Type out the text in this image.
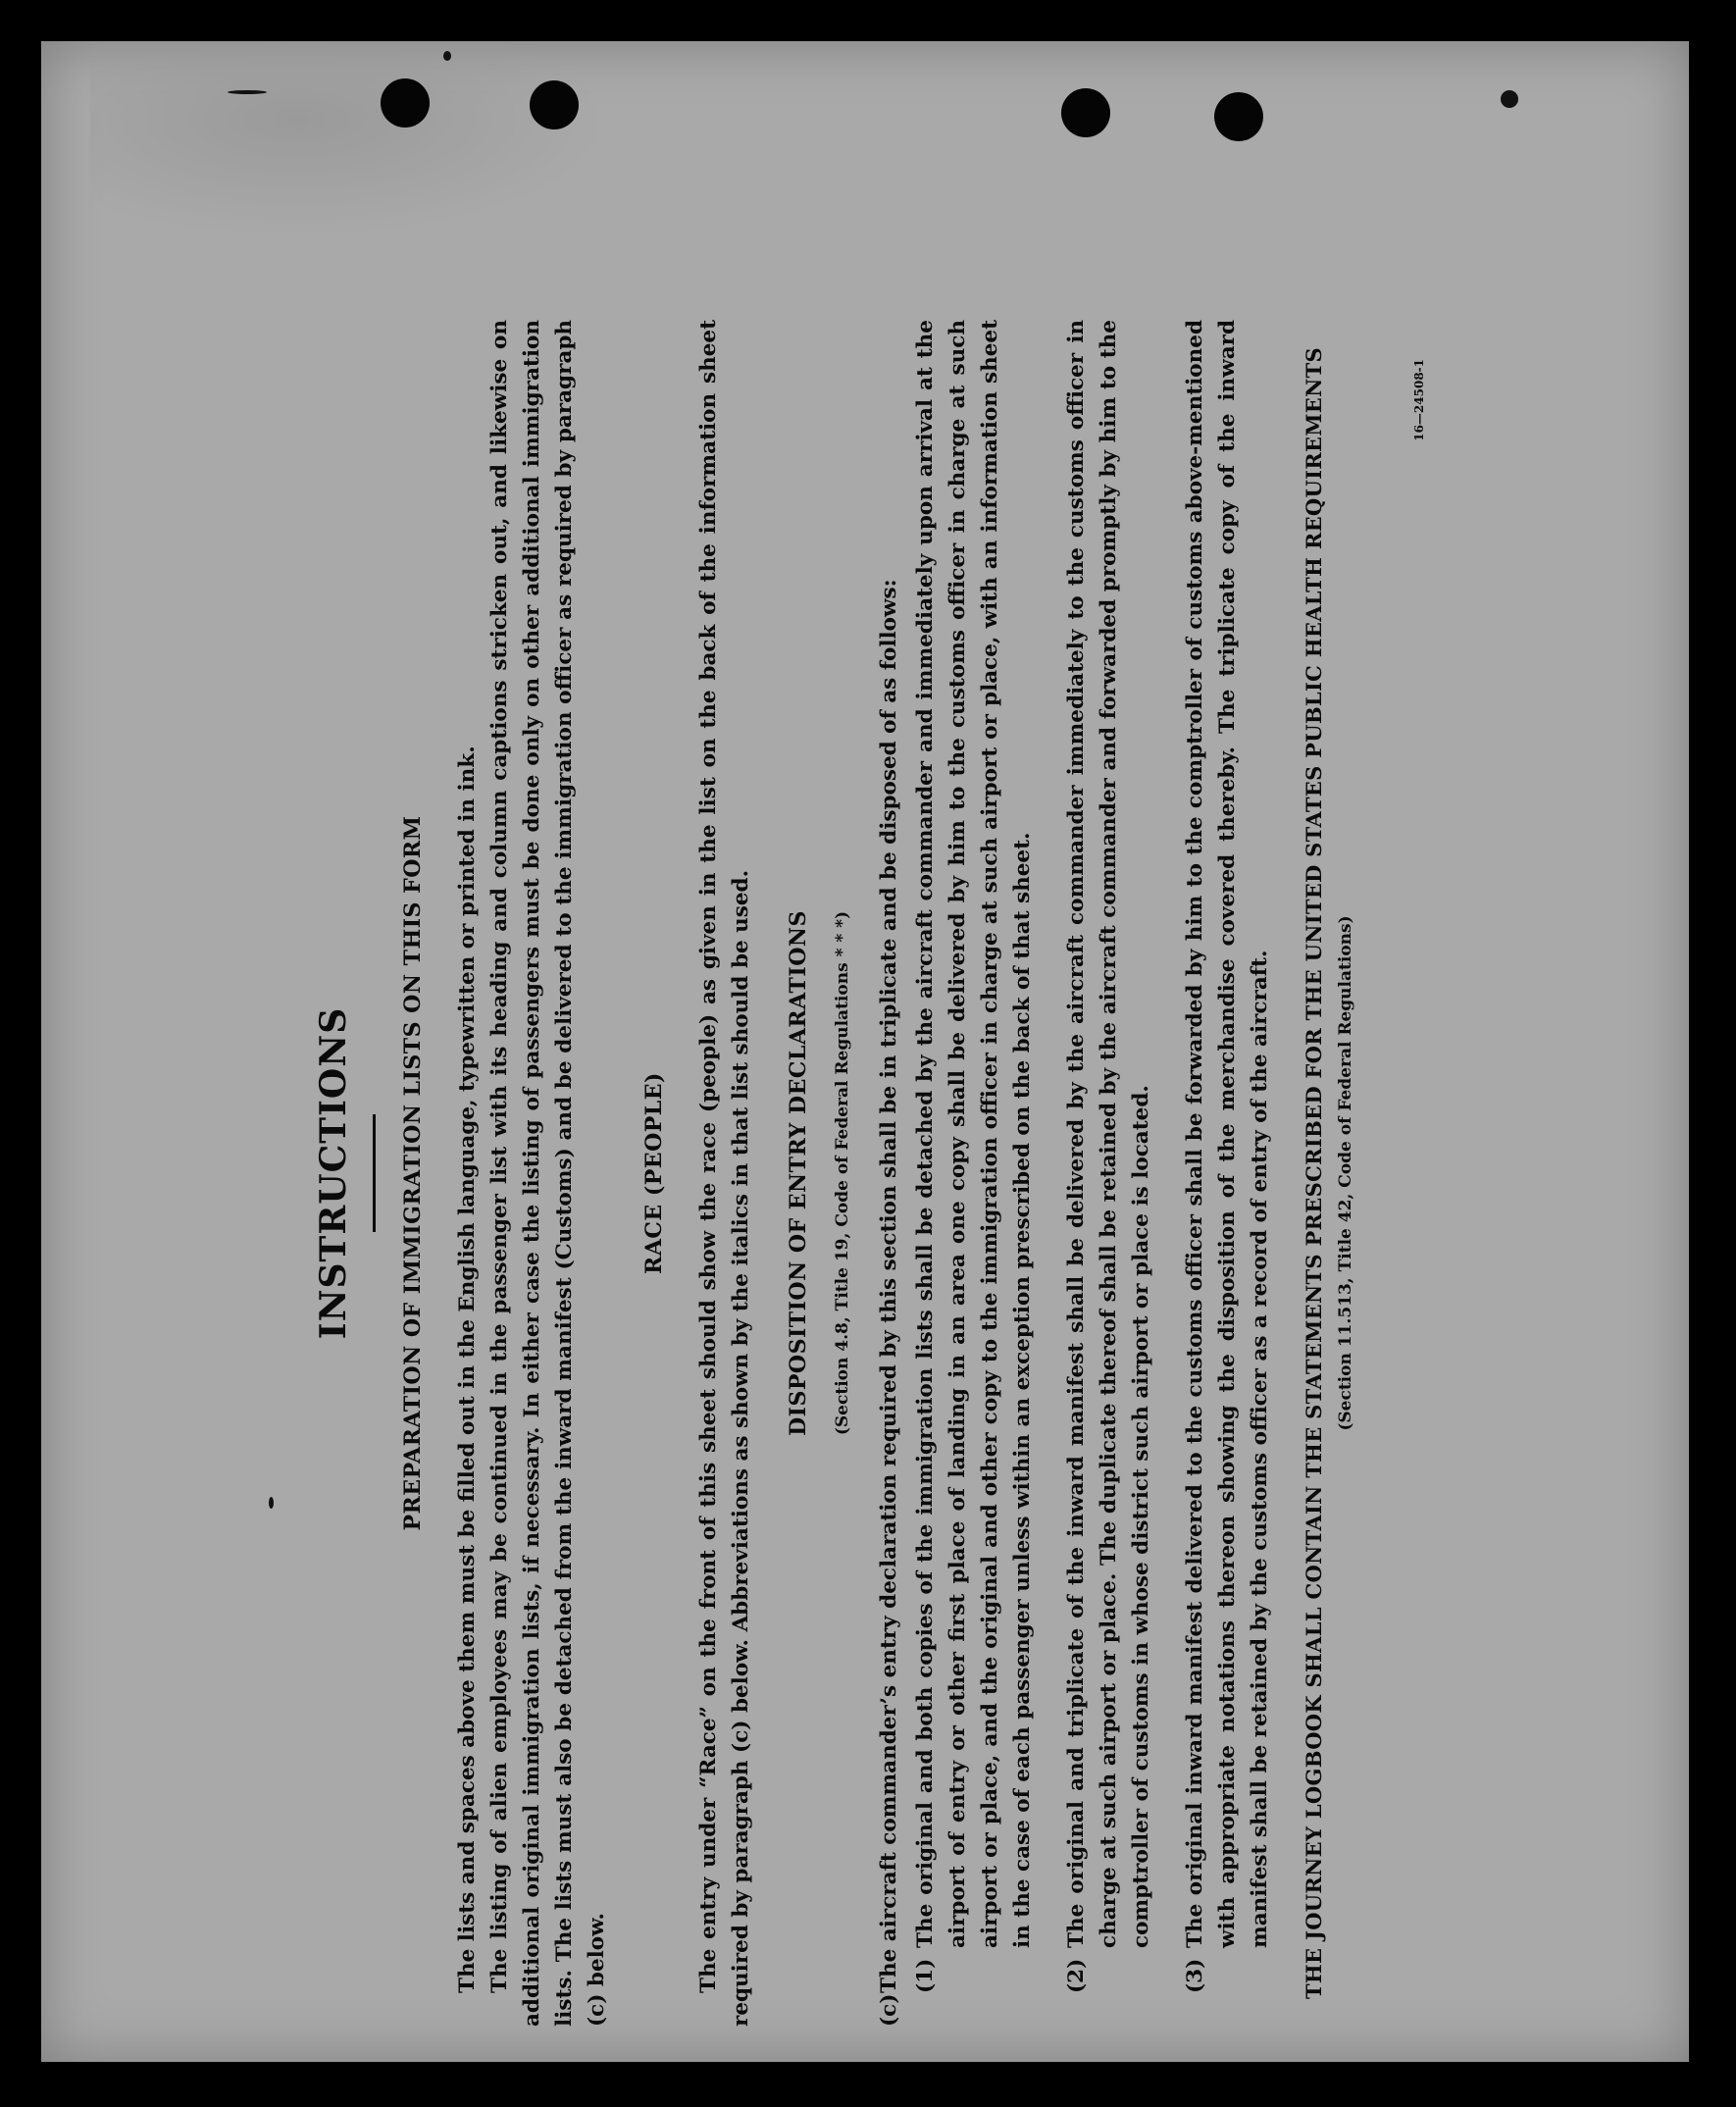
INSTRUCTIONS PREPARATION OF IMMIGRATION LISTS ON THIS FORM The lists and spaces above them must be filled out in the English language, typewritten or printed in ink. The listing of alien employees may be continued in the passenger list with its heading and column captions stricken out, and likewise on additional original immigration lists, if necessary. In either case the listing of passengers must be done only on other additional immigration lists. The lists must also be detached from the inward manifest (Customs) and be delivered to the immigration officer as required by paragraph (c) below.

RACE (PEOPLE) The entry under “Race” on the front of this sheet should show the race (people) as given in the list on the back of the information sheet required by paragraph (c) below. Abbreviations as shown by the italics in that list should be used. DISPOSITION OF ENTRY DECLARATIONS	(Section 4.8, Title 19, Code of Federal Regulations * * *)
(c)

The aircraft commander’s entry declaration required by this section shall be in triplicate and be disposed of as follows: (1)

The original and both copies of the immigration lists shall be detached by the aircraft commander and immediately upon arrival at the airport of entry or other first place of landing in an area one copy shall be delivered by him to the customs officer in charge at such airport or place, and the original and other copy to the immigration officer in charge at such airport or place, with an information sheet in the case of each passenger unless within an exception prescribed on the back of that sheet.

(2)

The original and triplicate of the inward manifest shall be delivered by the aircraft commander immediately to the customs officer in charge at such airport or place. The duplicate thereof shall be retained by the aircraft commander and forwarded promptly by him to the comptroller of customs in whose district such airport or place is located.

(3)

The original inward manifest delivered to the customs officer shall be forwarded by him to the comptroller of customs above-mentioned with appropriate notations thereon showing the disposition of the merchandise covered thereby. The triplicate copy of the inward manifest shall be retained by the customs officer as a record of entry of the aircraft. THE JOURNEY LOGBOOK SHALL CONTAIN THE STATEMENTS PRESCRIBED FOR THE UNITED STATES PUBLIC HEALTH REQUIREMENTS (Section 11.513, Title 42, Code of Federal Regulations)
16—24508-1
